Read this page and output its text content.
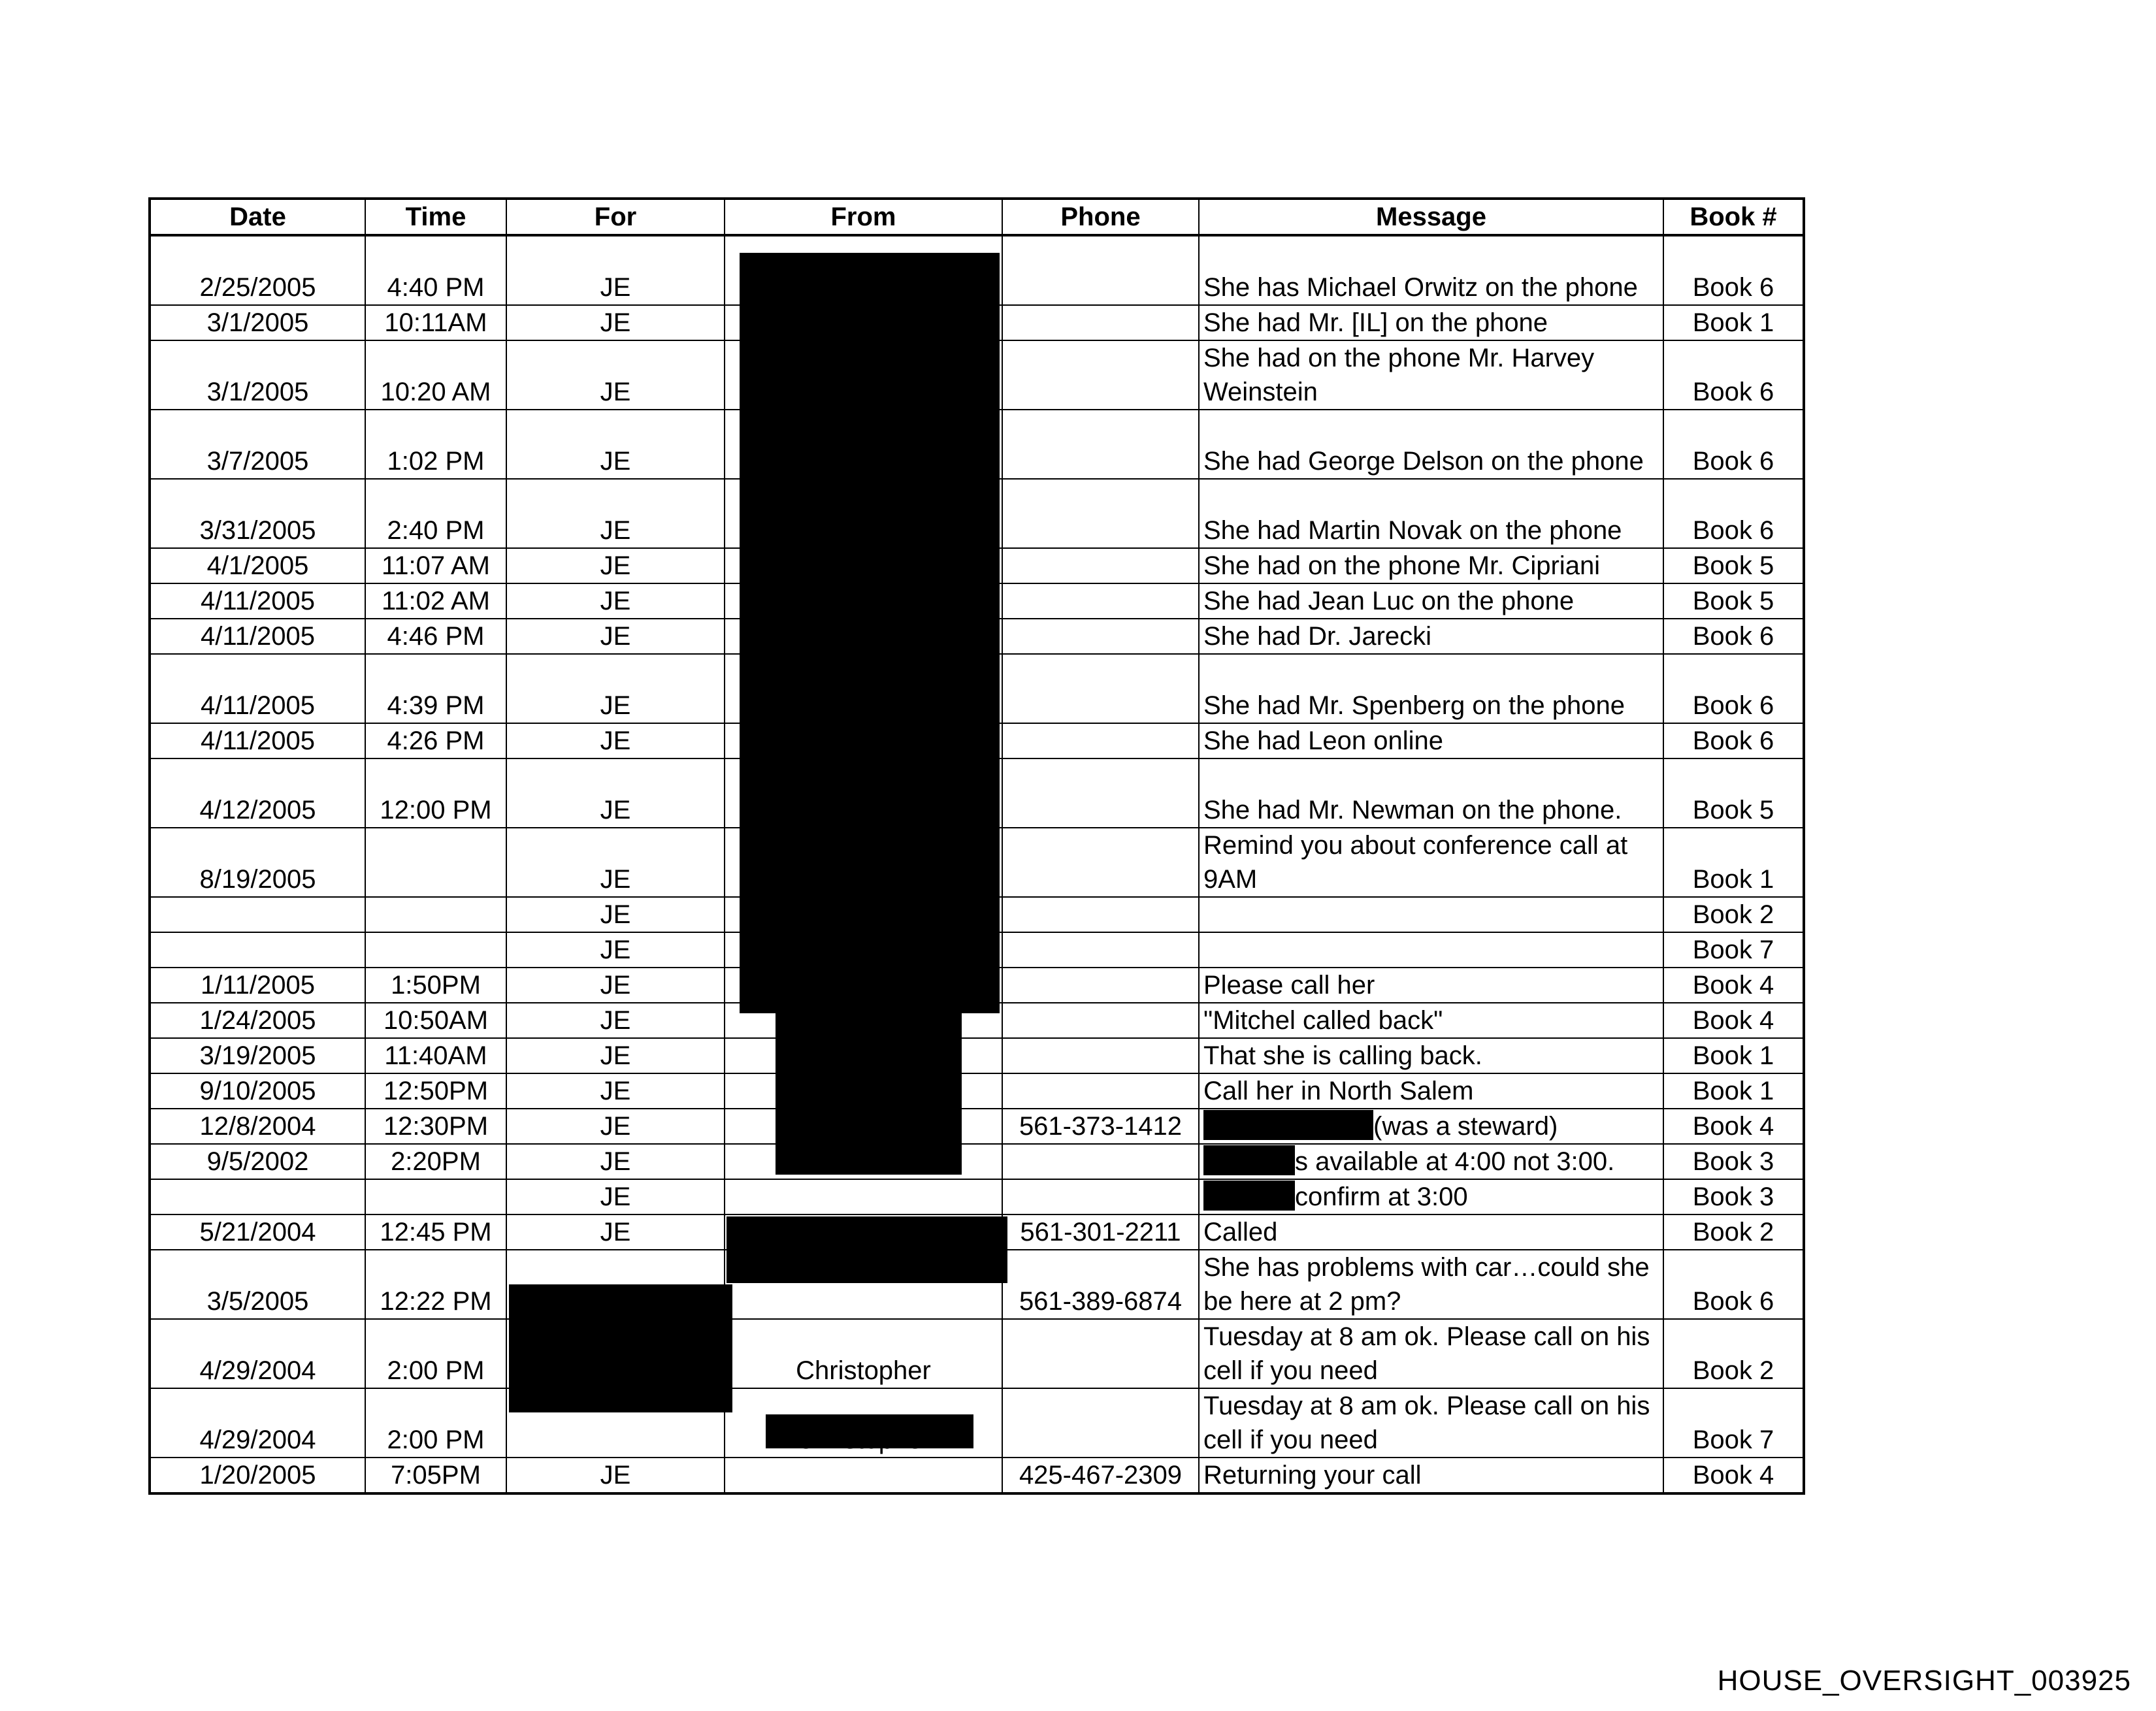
Date	Time	For	From	Phone	Message	Book #
2/25/2005	4:40 PM	JE			She has Michael Orwitz on the phone	Book 6
3/1/2005	10:11AM	JE			She had Mr. [IL] on the phone	Book 1
3/1/2005	10:20 AM	JE			She had on the phone Mr. Harvey Weinstein	Book 6
3/7/2005	1:02 PM	JE			She had George Delson on the phone	Book 6
3/31/2005	2:40 PM	JE			She had Martin Novak on the phone	Book 6
4/1/2005	11:07 AM	JE			She had on the phone Mr. Cipriani	Book 5
4/11/2005	11:02 AM	JE			She had Jean Luc on the phone	Book 5
4/11/2005	4:46 PM	JE			She had Dr. Jarecki	Book 6
4/11/2005	4:39 PM	JE			She had Mr. Spenberg on the phone	Book 6
4/11/2005	4:26 PM	JE			She had Leon online	Book 6
4/12/2005	12:00 PM	JE			She had Mr. Newman on the phone.	Book 5
8/19/2005		JE			Remind you about conference call at 9AM	Book 1
		JE				Book 2
		JE				Book 7
1/11/2005	1:50PM	JE			Please call her	Book 4
1/24/2005	10:50AM	JE			"Mitchel called back"	Book 4
3/19/2005	11:40AM	JE			That she is calling back.	Book 1
9/10/2005	12:50PM	JE			Call her in North Salem	Book 1
12/8/2004	12:30PM	JE		561-373-1412	(was a steward)	Book 4
9/5/2002	2:20PM	JE			s available at 4:00 not 3:00.	Book 3
		JE			confirm at 3:00	Book 3
5/21/2004	12:45 PM	JE		561-301-2211	Called	Book 2
3/5/2005	12:22 PM			561-389-6874	She has problems with car…could she be here at 2 pm?	Book 6
4/29/2004	2:00 PM		Christopher		Tuesday at 8 am ok. Please call on his cell if you need	Book 2
4/29/2004	2:00 PM				Tuesday at 8 am ok. Please call on his cell if you need	Book 7
1/20/2005	7:05PM	JE		425-467-2309	Returning your call	Book 4
HOUSE_OVERSIGHT_003925
